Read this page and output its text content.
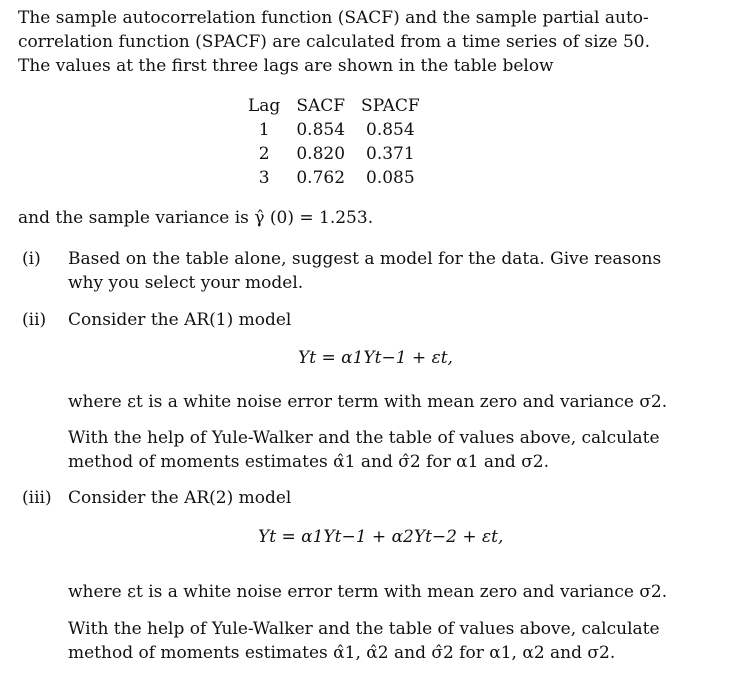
The sample autocorrelation function (SACF) and the sample partial auto-
correlation function (SPACF) are calculated from a time series of size 50.
The values at the first three lags are shown in the table below
Lag	SACF	SPACF
1	0.854	0.854
2	0.820	0.371
3	0.762	0.085
and the sample variance is γ̂ (0) = 1.253.
(i) Based on the table alone, suggest a model for the data. Give reasons
why you select your model.
(ii) Consider the AR(1) model
Yt = α1Yt−1 + εt,
where εt is a white noise error term with mean zero and variance σ2.
With the help of Yule-Walker and the table of values above, calculate
method of moments estimates α̂1 and σ̂2 for α1 and σ2.
(iii) Consider the AR(2) model
Yt = α1Yt−1 + α2Yt−2 + εt,
where εt is a white noise error term with mean zero and variance σ2.
With the help of Yule-Walker and the table of values above, calculate
method of moments estimates α̂1, α̂2 and σ̂2 for α1, α2 and σ2.
